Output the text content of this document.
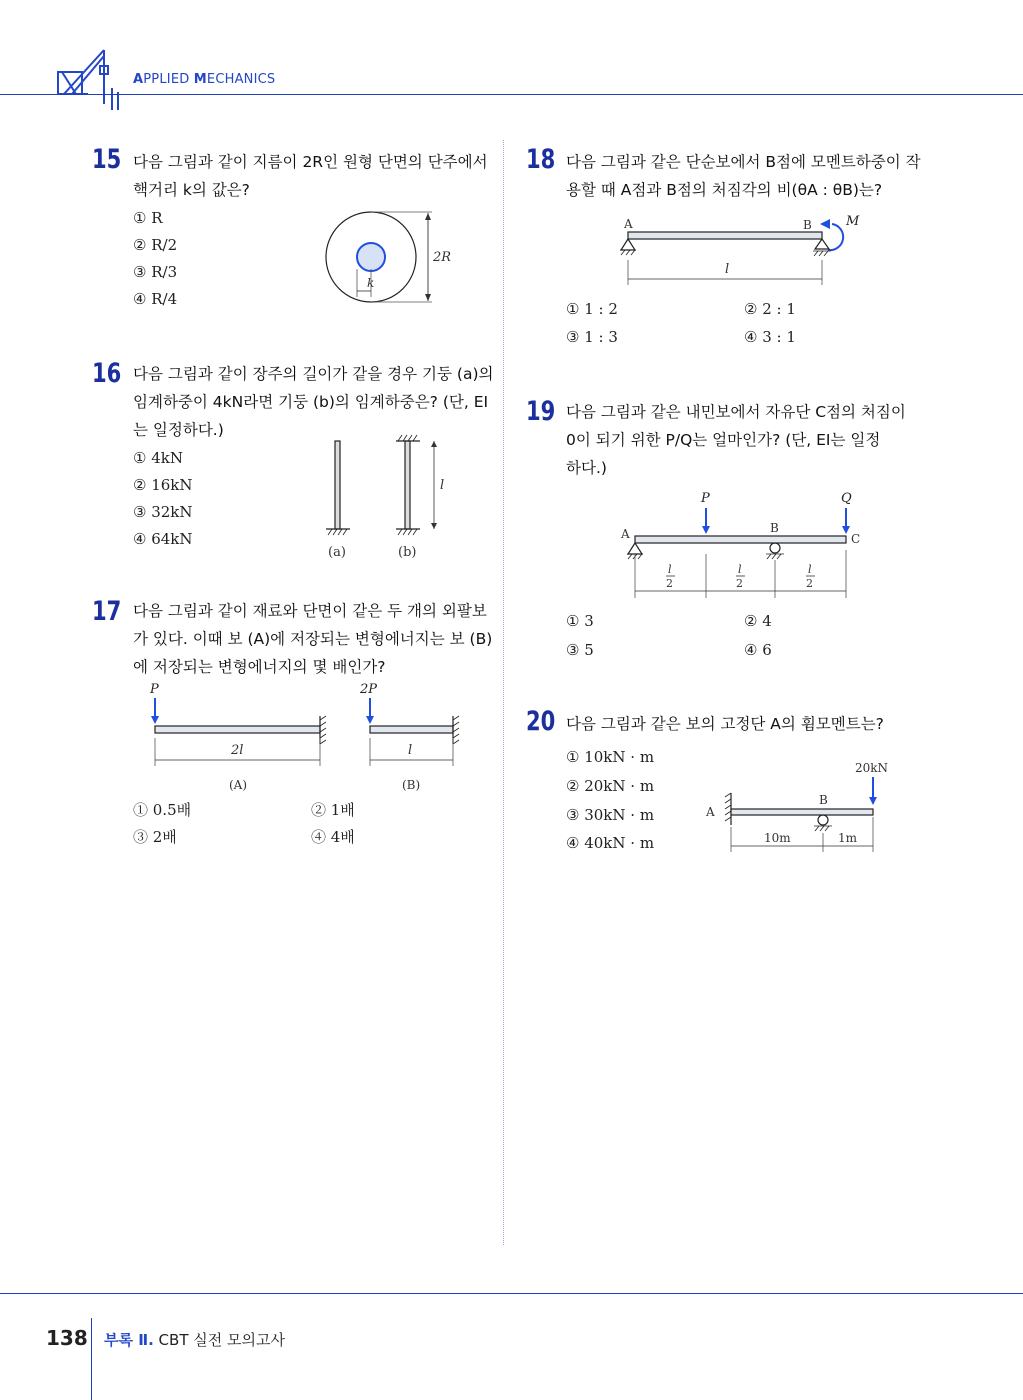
APPLIED MECHANICS
15 다음 그림과 같이 지름이 2R인 원형 단면의 단주에서
핵거리 k의 값은?
① R
② R/2
③ R/3
④ R/4
2R
k
16 다음 그림과 같이 장주의 길이가 같을 경우 기둥 (a)의
임계하중이 4kN라면 기둥 (b)의 임계하중은? (단, EI
는 일정하다.)
① 4kN
② 16kN
③ 32kN
④ 64kN
l
(a)	(b)
17 다음 그림과 같이 재료와 단면이 같은 두 개의 외팔보
가 있다. 이때 보 (A)에 저장되는 변형에너지는 보 (B)
에 저장되는 변형에너지의 몇 배인가?
P
2l
2P
l
(A)	(B)
① 0.5배	② 1배
③ 2배	④ 4배
18 다음 그림과 같은 단순보에서 B점에 모멘트하중이 작
용할 때 A점과 B점의 처짐각의 비(θA : θB)는?
A	B	M
l
① 1 : 2	② 2 : 1
③ 1 : 3	④ 3 : 1
19 다음 그림과 같은 내민보에서 자유단 C점의 처짐이
0이 되기 위한 P/Q는 얼마인가? (단, EI는 일정
하다.)
P	Q
A	B
C
l
2
l
2
l
2
① 3	② 4
③ 5	④ 6
20 다음 그림과 같은 보의 고정단 A의 휨모멘트는?
① 10kN · m
② 20kN · m
③ 30kN · m
④ 40kN · m
20kN
A
B
10m	1m
138 부록 Ⅱ. CBT 실전 모의고사
